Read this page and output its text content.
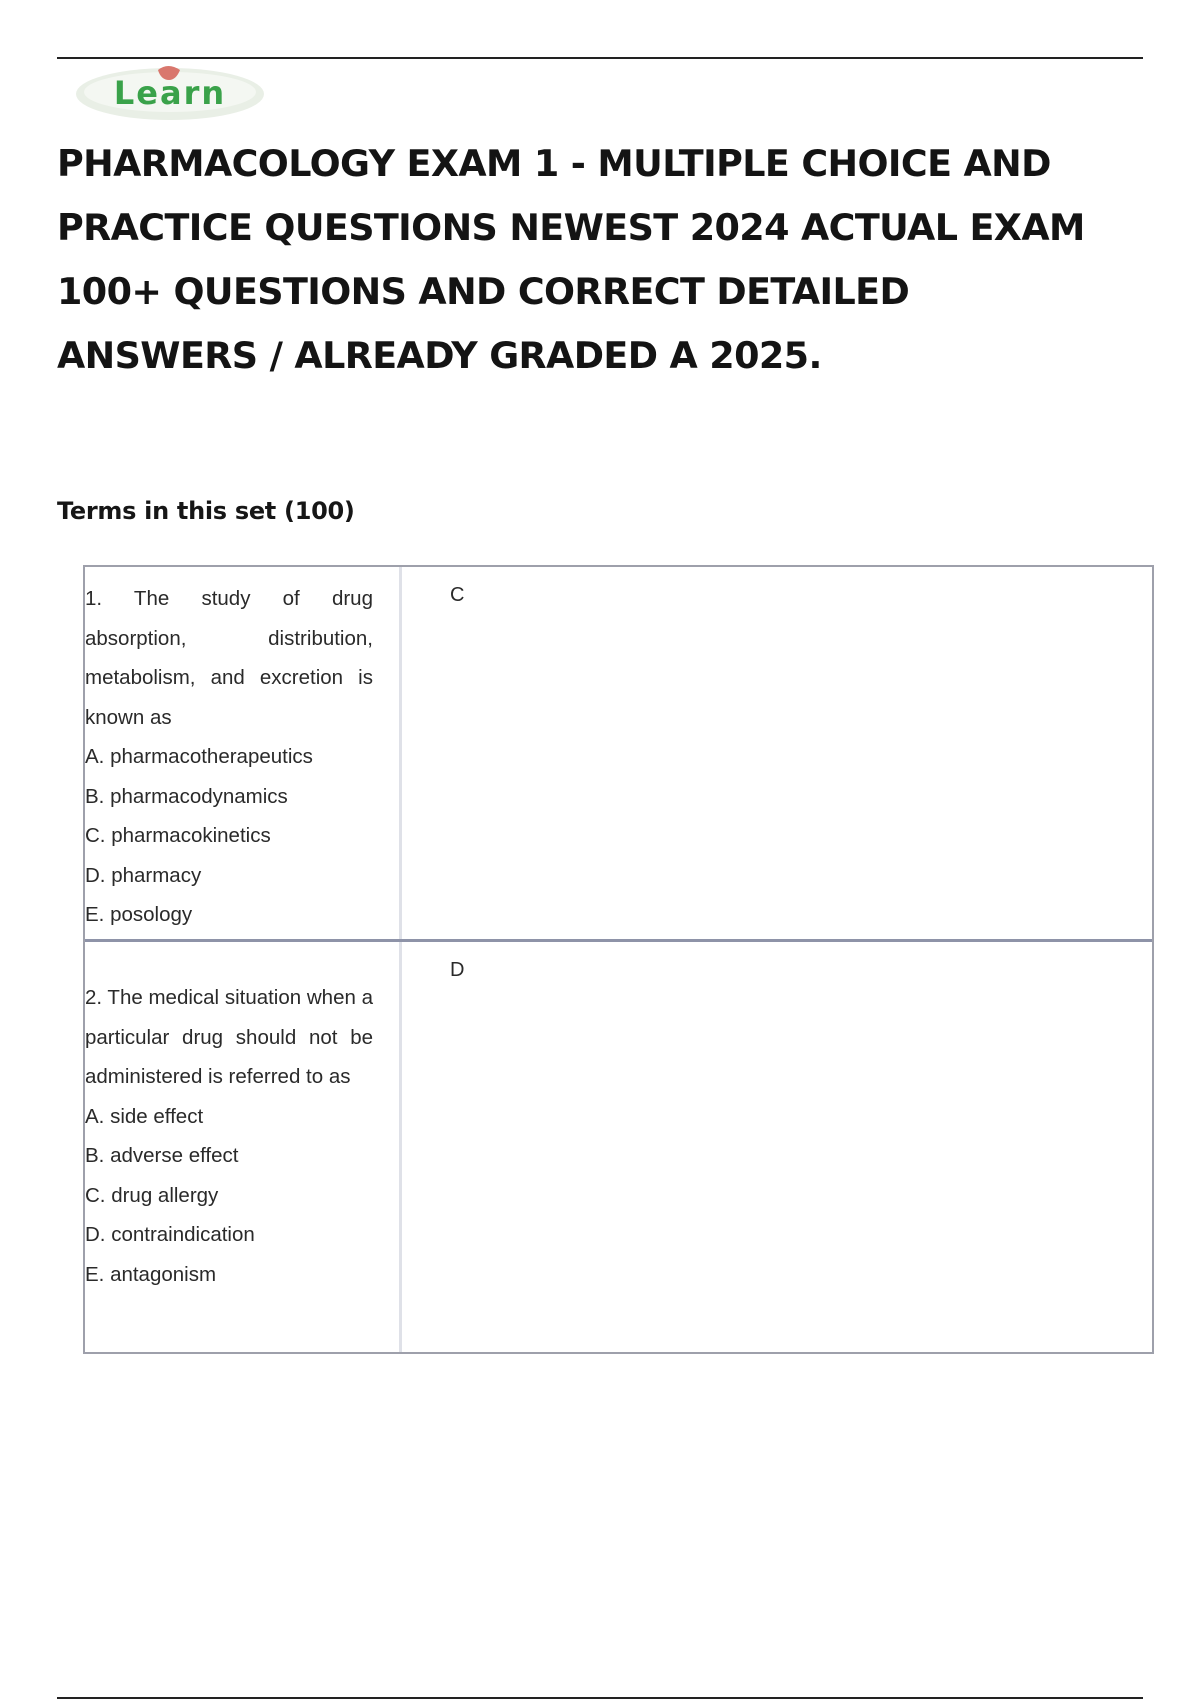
Learn
PHARMACOLOGY EXAM 1 - MULTIPLE CHOICE AND
PRACTICE QUESTIONS NEWEST 2024 ACTUAL EXAM
100+ QUESTIONS AND CORRECT DETAILED
ANSWERS / ALREADY GRADED A 2025.
Terms in this set (100)

1. The study of drug absorption, distribution, metabolism, and excretion is known as

A. pharmacotherapeutics
B. pharmacodynamics
C. pharmacokinetics
D. pharmacy
E. posology
C

2. The medical situation when a particular drug should not be administered is referred to as

A. side effect
B. adverse effect
C. drug allergy
D. contraindication
E. antagonism
D
